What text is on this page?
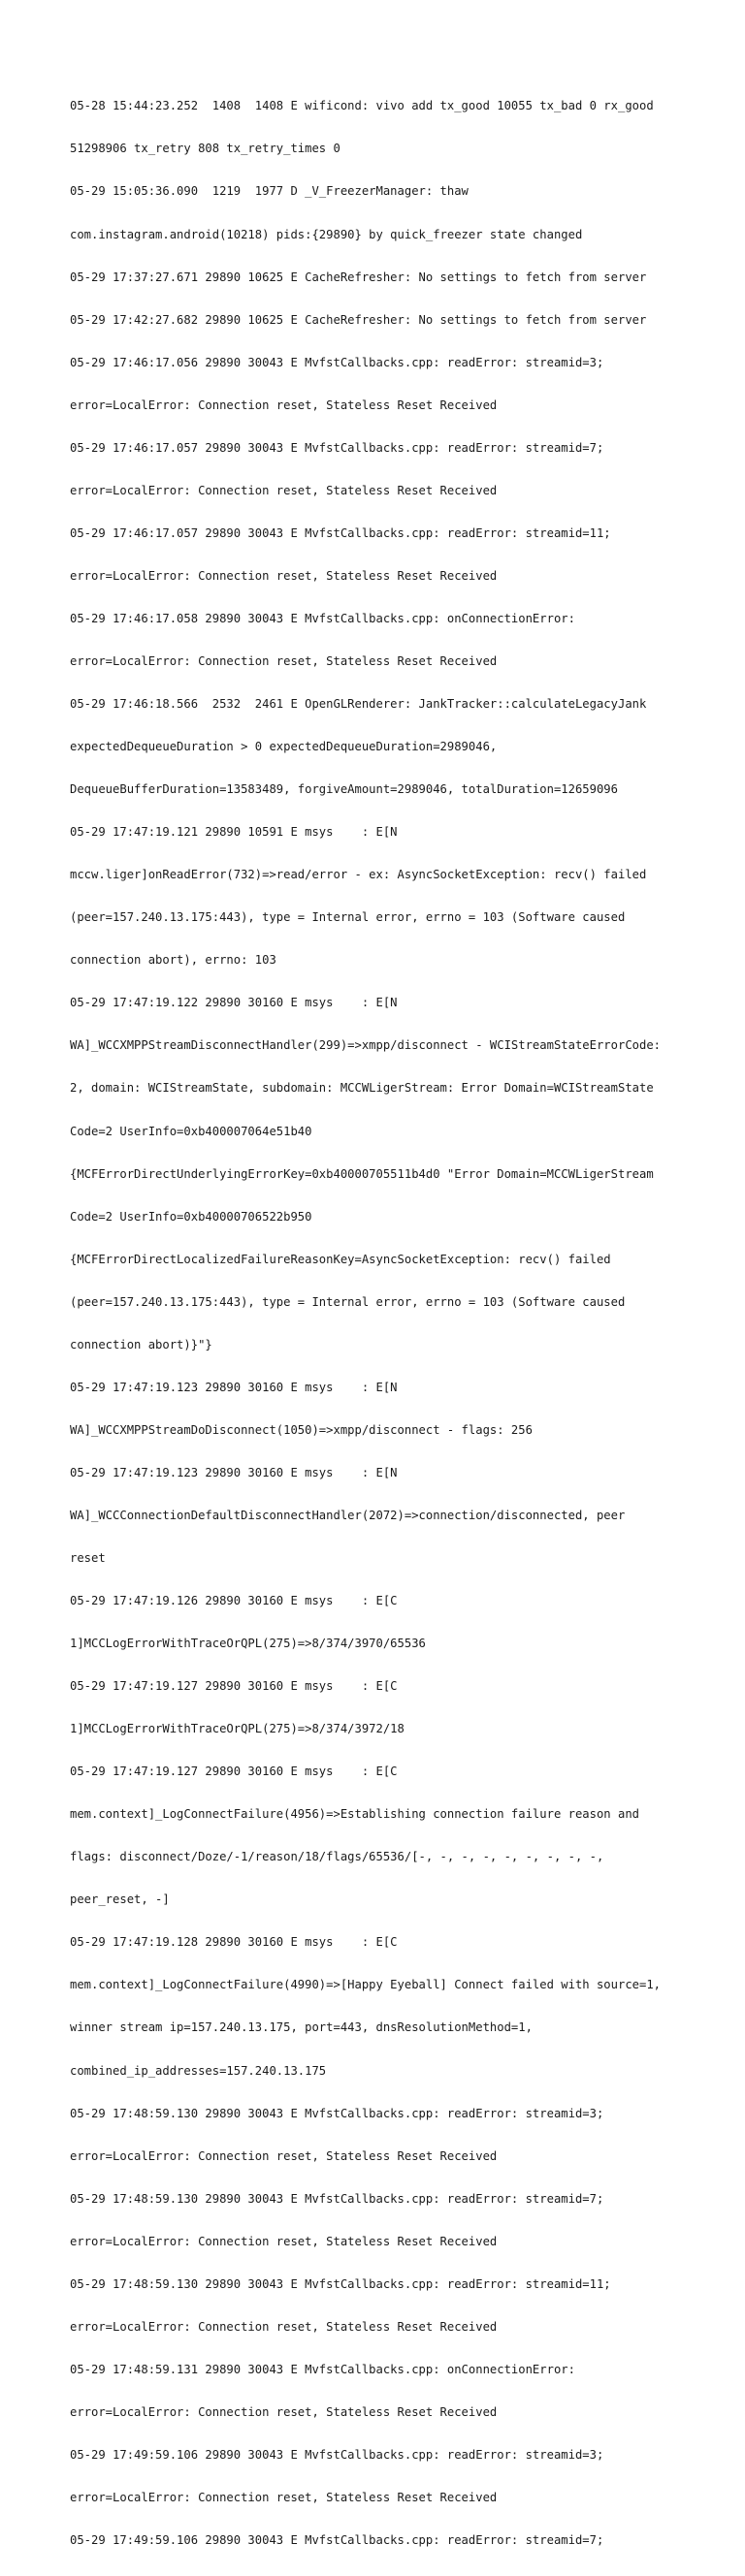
05-28 15:44:23.252  1408  1408 E wificond: vivo add tx_good 10055 tx_bad 0 rx_good

51298906 tx_retry 808 tx_retry_times 0

05-29 15:05:36.090  1219  1977 D _V_FreezerManager: thaw

com.instagram.android(10218) pids:{29890} by quick_freezer state changed

05-29 17:37:27.671 29890 10625 E CacheRefresher: No settings to fetch from server

05-29 17:42:27.682 29890 10625 E CacheRefresher: No settings to fetch from server

05-29 17:46:17.056 29890 30043 E MvfstCallbacks.cpp: readError: streamid=3;

error=LocalError: Connection reset, Stateless Reset Received

05-29 17:46:17.057 29890 30043 E MvfstCallbacks.cpp: readError: streamid=7;

error=LocalError: Connection reset, Stateless Reset Received

05-29 17:46:17.057 29890 30043 E MvfstCallbacks.cpp: readError: streamid=11;

error=LocalError: Connection reset, Stateless Reset Received

05-29 17:46:17.058 29890 30043 E MvfstCallbacks.cpp: onConnectionError:

error=LocalError: Connection reset, Stateless Reset Received

05-29 17:46:18.566  2532  2461 E OpenGLRenderer: JankTracker::calculateLegacyJank

expectedDequeueDuration > 0 expectedDequeueDuration=2989046,

DequeueBufferDuration=13583489, forgiveAmount=2989046, totalDuration=12659096

05-29 17:47:19.121 29890 10591 E msys    : E[N

mccw.liger]onReadError(732)=>read/error - ex: AsyncSocketException: recv() failed

(peer=157.240.13.175:443), type = Internal error, errno = 103 (Software caused

connection abort), errno: 103

05-29 17:47:19.122 29890 30160 E msys    : E[N

WA]_WCCXMPPStreamDisconnectHandler(299)=>xmpp/disconnect - WCIStreamStateErrorCode:

2, domain: WCIStreamState, subdomain: MCCWLigerStream: Error Domain=WCIStreamState

Code=2 UserInfo=0xb400007064e51b40

{MCFErrorDirectUnderlyingErrorKey=0xb40000705511b4d0 "Error Domain=MCCWLigerStream

Code=2 UserInfo=0xb40000706522b950

{MCFErrorDirectLocalizedFailureReasonKey=AsyncSocketException: recv() failed

(peer=157.240.13.175:443), type = Internal error, errno = 103 (Software caused

connection abort)}"}

05-29 17:47:19.123 29890 30160 E msys    : E[N

WA]_WCCXMPPStreamDoDisconnect(1050)=>xmpp/disconnect - flags: 256

05-29 17:47:19.123 29890 30160 E msys    : E[N

WA]_WCCConnectionDefaultDisconnectHandler(2072)=>connection/disconnected, peer

reset

05-29 17:47:19.126 29890 30160 E msys    : E[C

1]MCCLogErrorWithTraceOrQPL(275)=>8/374/3970/65536

05-29 17:47:19.127 29890 30160 E msys    : E[C

1]MCCLogErrorWithTraceOrQPL(275)=>8/374/3972/18

05-29 17:47:19.127 29890 30160 E msys    : E[C

mem.context]_LogConnectFailure(4956)=>Establishing connection failure reason and

flags: disconnect/Doze/-1/reason/18/flags/65536/[-, -, -, -, -, -, -, -, -,

peer_reset, -]

05-29 17:47:19.128 29890 30160 E msys    : E[C

mem.context]_LogConnectFailure(4990)=>[Happy Eyeball] Connect failed with source=1,

winner stream ip=157.240.13.175, port=443, dnsResolutionMethod=1,

combined_ip_addresses=157.240.13.175

05-29 17:48:59.130 29890 30043 E MvfstCallbacks.cpp: readError: streamid=3;

error=LocalError: Connection reset, Stateless Reset Received

05-29 17:48:59.130 29890 30043 E MvfstCallbacks.cpp: readError: streamid=7;

error=LocalError: Connection reset, Stateless Reset Received

05-29 17:48:59.130 29890 30043 E MvfstCallbacks.cpp: readError: streamid=11;

error=LocalError: Connection reset, Stateless Reset Received

05-29 17:48:59.131 29890 30043 E MvfstCallbacks.cpp: onConnectionError:

error=LocalError: Connection reset, Stateless Reset Received

05-29 17:49:59.106 29890 30043 E MvfstCallbacks.cpp: readError: streamid=3;

error=LocalError: Connection reset, Stateless Reset Received

05-29 17:49:59.106 29890 30043 E MvfstCallbacks.cpp: readError: streamid=7;
